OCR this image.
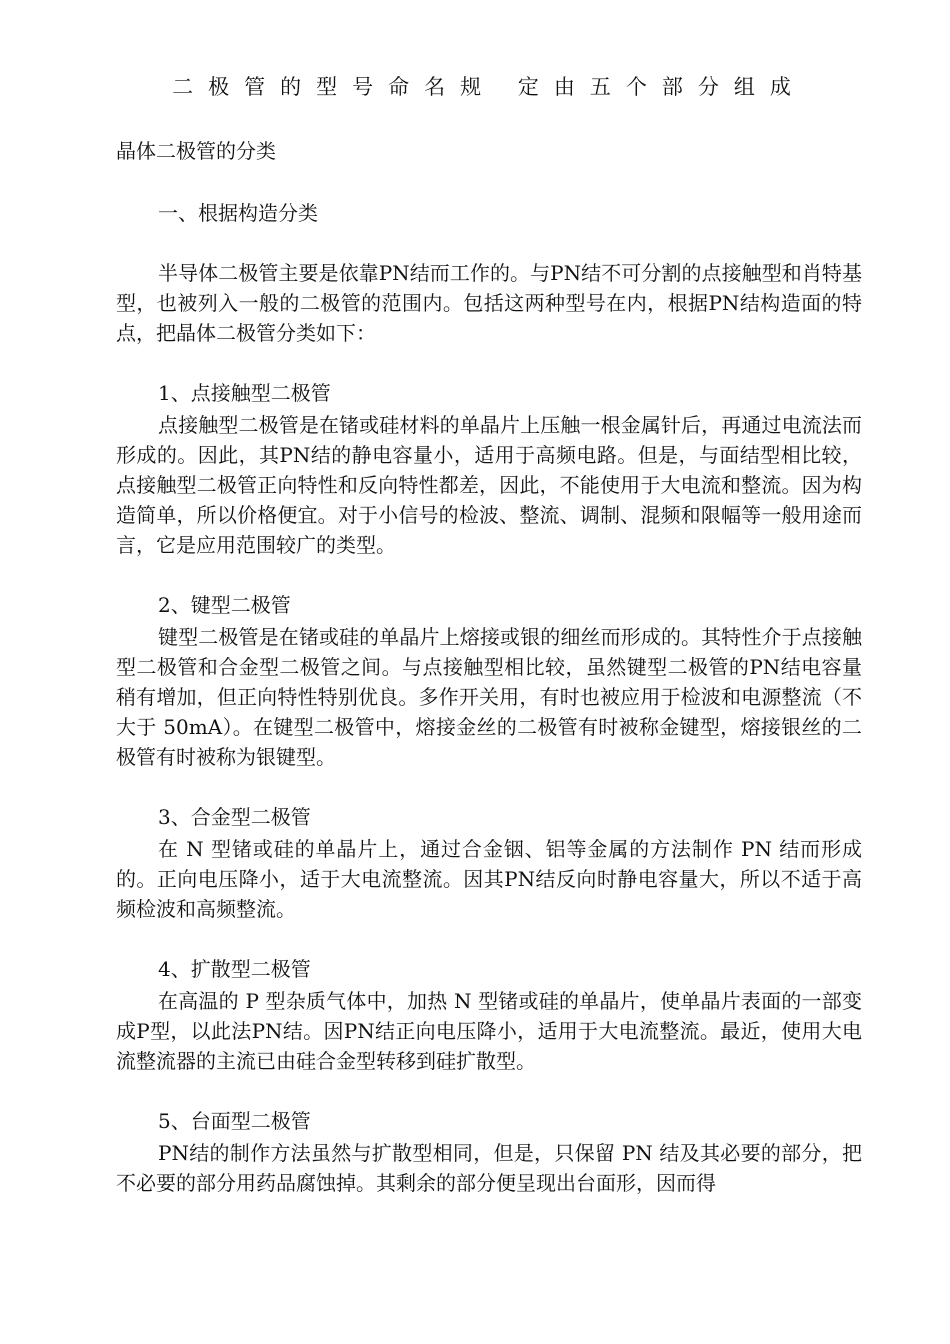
二极管的型号命名规 定由五个部分组成

晶体二极管的分类

一、根据构造分类

半导体二极管主要是依靠PN结而工作的。与PN结不可分割的点接触型和肖特基型，也被列入一般的二极管的范围内。包括这两种型号在内，根据PN结构造面的特点，把晶体二极管分类如下：

1、点接触型二极管

点接触型二极管是在锗或硅材料的单晶片上压触一根金属针后，再通过电流法而形成的。因此，其PN结的静电容量小，适用于高频电路。但是，与面结型相比较，点接触型二极管正向特性和反向特性都差，因此，不能使用于大电流和整流。因为构造简单，所以价格便宜。对于小信号的检波、整流、调制、混频和限幅等一般用途而言，它是应用范围较广的类型。

2、键型二极管

键型二极管是在锗或硅的单晶片上熔接或银的细丝而形成的。其特性介于点接触型二极管和合金型二极管之间。与点接触型相比较，虽然键型二极管的PN结电容量稍有增加，但正向特性特别优良。多作开关用，有时也被应用于检波和电源整流（不大于 50mA）。在键型二极管中，熔接金丝的二极管有时被称金键型，熔接银丝的二极管有时被称为银键型。

3、合金型二极管

在 N 型锗或硅的单晶片上，通过合金铟、铝等金属的方法制作 PN 结而形成的。正向电压降小，适于大电流整流。因其PN结反向时静电容量大，所以不适于高频检波和高频整流。

4、扩散型二极管

在高温的 P 型杂质气体中，加热 N 型锗或硅的单晶片，使单晶片表面的一部变成P型，以此法PN结。因PN结正向电压降小，适用于大电流整流。最近，使用大电流整流器的主流已由硅合金型转移到硅扩散型。

5、台面型二极管

PN结的制作方法虽然与扩散型相同，但是，只保留 PN 结及其必要的部分，把不必要的部分用药品腐蚀掉。其剩余的部分便呈现出台面形，因而得
